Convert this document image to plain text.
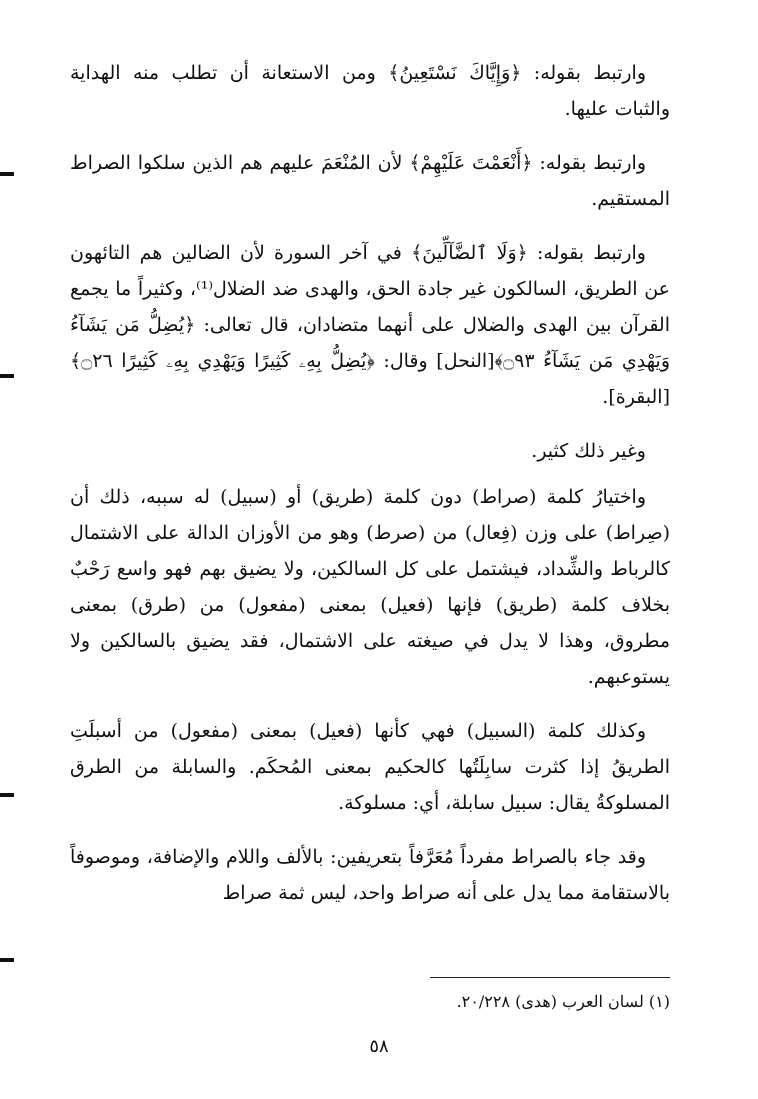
وارتبط بقوله: ﴿وَإِيَّاكَ نَسْتَعِينُ﴾ ومن الاستعانة أن تطلب منه الهداية والثبات عليها.

وارتبط بقوله: ﴿أَنْعَمْتَ عَلَيْهِمْ﴾ لأن المُنْعَمَ عليهم هم الذين سلكوا الصراط المستقيم.

وارتبط بقوله: ﴿وَلَا ٱلضَّآلِّينَ﴾ في آخر السورة لأن الضالين هم التائهون عن الطريق، السالكون غير جادة الحق، والهدى ضد الضلال⁽¹⁾، وكثيراً ما يجمع القرآن بين الهدى والضلال على أنهما متضادان، قال تعالى: ﴿يُضِلُّ مَن يَشَآءُ وَيَهْدِي مَن يَشَآءُ ۝٩٣﴾[النحل] وقال: ﴿يُضِلُّ بِهِۦ كَثِيرًا وَيَهْدِي بِهِۦ كَثِيرًا ۝٢٦﴾[البقرة].

وغير ذلك كثير.

واختيارُ كلمة (صراط) دون كلمة (طريق) أو (سبيل) له سببه، ذلك أن (صِراط) على وزن (فِعال) من (صرط) وهو من الأوزان الدالة على الاشتمال كالرباط والشِّداد، فيشتمل على كل السالكين، ولا يضيق بهم فهو واسع رَحْبٌ بخلاف كلمة (طريق) فإنها (فعيل) بمعنى (مفعول) من (طرق) بمعنى مطروق، وهذا لا يدل في صيغته على الاشتمال، فقد يضيق بالسالكين ولا يستوعبهم.

وكذلك كلمة (السبيل) فهي كأنها (فعيل) بمعنى (مفعول) من أسبلَتِ الطريقُ إذا كثرت سابِلَتُها كالحكيم بمعنى المُحكَم. والسابلة من الطرق المسلوكةُ يقال: سبيل سابلة، أي: مسلوكة.

وقد جاء بالصراط مفرداً مُعَرَّفاً بتعريفين: بالألف واللام والإضافة، وموصوفاً بالاستقامة مما يدل على أنه صراط واحد، ليس ثمة صراط

(١) لسان العرب (هدى) ٢٠/٢٢٨.
٥٨
